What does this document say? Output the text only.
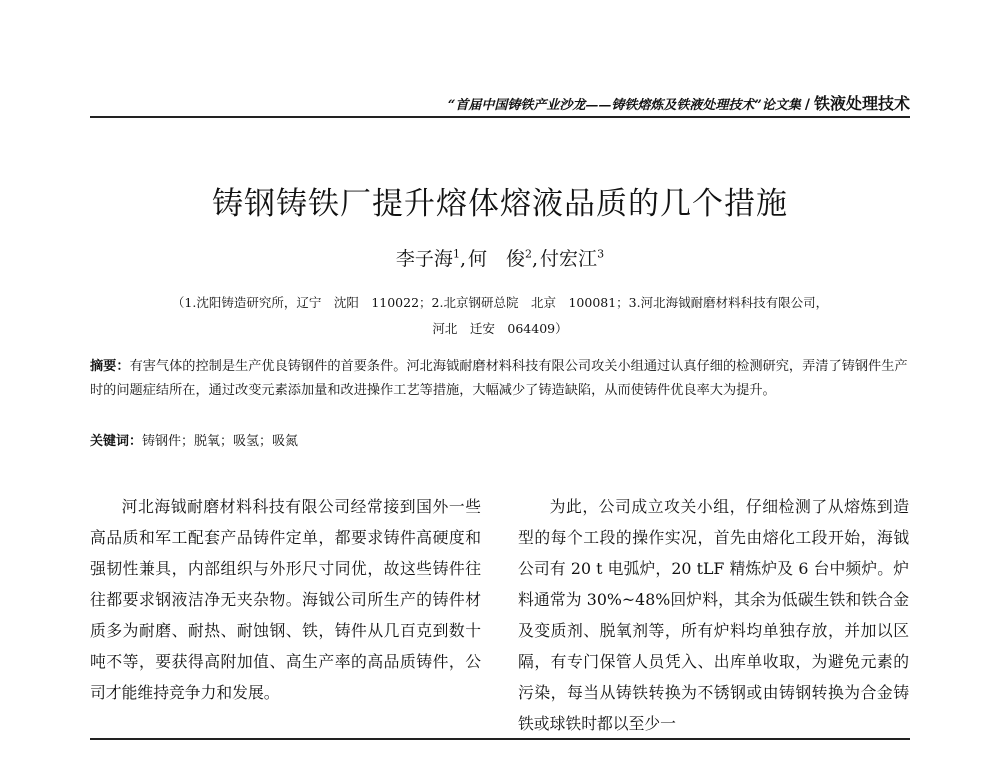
“首届中国铸铁产业沙龙——铸铁熔炼及铁液处理技术”论文集 / 铁液处理技术
铸钢铸铁厂提升熔体熔液品质的几个措施
李子海$^1$, 何　俊$^2$, 付宏江$^3$
（1.沈阳铸造研究所，辽宁　沈阳　110022；2.北京钢研总院　北京　100081；3.河北海钺耐磨材料科技有限公司，
河北　迁安　064409）
摘要：有害气体的控制是生产优良铸钢件的首要条件。河北海钺耐磨材料科技有限公司攻关小组通过认真仔细的检测研究，弄清了铸钢件生产时的问题症结所在，通过改变元素添加量和改进操作工艺等措施，大幅减少了铸造缺陷，从而使铸件优良率大为提升。
关键词：铸钢件；脱氧；吸氢；吸氮
河北海钺耐磨材料科技有限公司经常接到国外一些高品质和军工配套产品铸件定单，都要求铸件高硬度和强韧性兼具，内部组织与外形尺寸同优，故这些铸件往往都要求钢液洁净无夹杂物。海钺公司所生产的铸件材质多为耐磨、耐热、耐蚀钢、铁，铸件从几百克到数十吨不等，要获得高附加值、高生产率的高品质铸件，公司才能维持竞争力和发展。
为此，公司成立攻关小组，仔细检测了从熔炼到造型的每个工段的操作实况，首先由熔化工段开始，海钺公司有 20 t 电弧炉，20 tLF 精炼炉及 6 台中频炉。炉料通常为 30%~48%回炉料，其余为低碳生铁和铁合金及变质剂、脱氧剂等，所有炉料均单独存放，并加以区隔，有专门保管人员凭入、出库单收取，为避免元素的污染，每当从铸铁转换为不锈钢或由铸钢转换为合金铸铁或球铁时都以至少一
